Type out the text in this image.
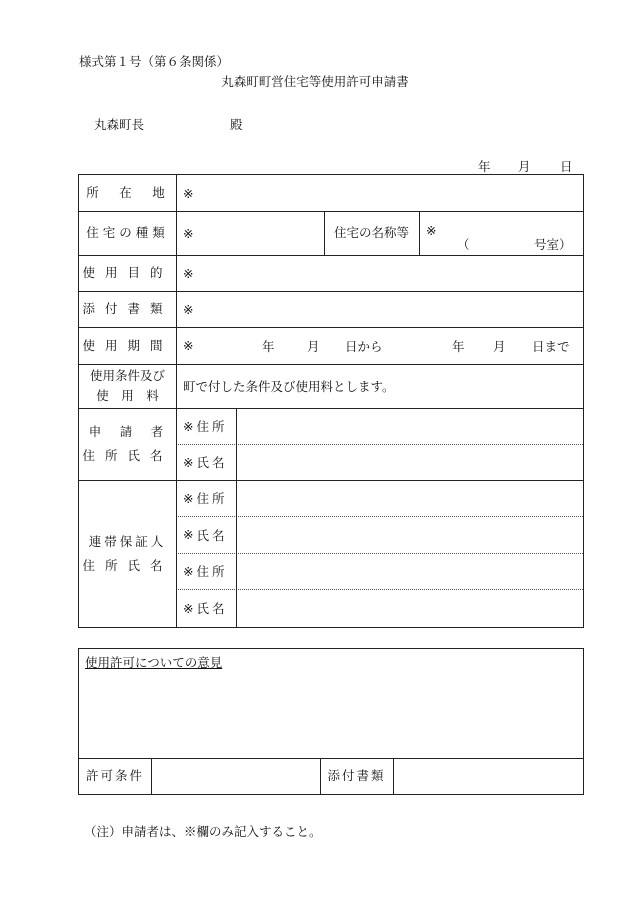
様式第１号（第６条関係）
丸森町町営住宅等使用許可申請書
丸森町長	殿
年 月 日
所　在　地	※
住宅の種類	※	住宅の名称等	※
（	号室）
使用目的 ※
添付書類 ※
使用期間 ※	年	月 日から	年 月 日まで
使用条件及び
使　用　料
町で付した条件及び使用料とします。
申　請　者
住所氏名
※ 住所
※ 氏名
連帯保証人
住所氏名
※ 住所
※ 氏名
※ 住所
※ 氏名
使用許可についての意見
許可条件	添付書類
（注）申請者は、※欄のみ記入すること。
